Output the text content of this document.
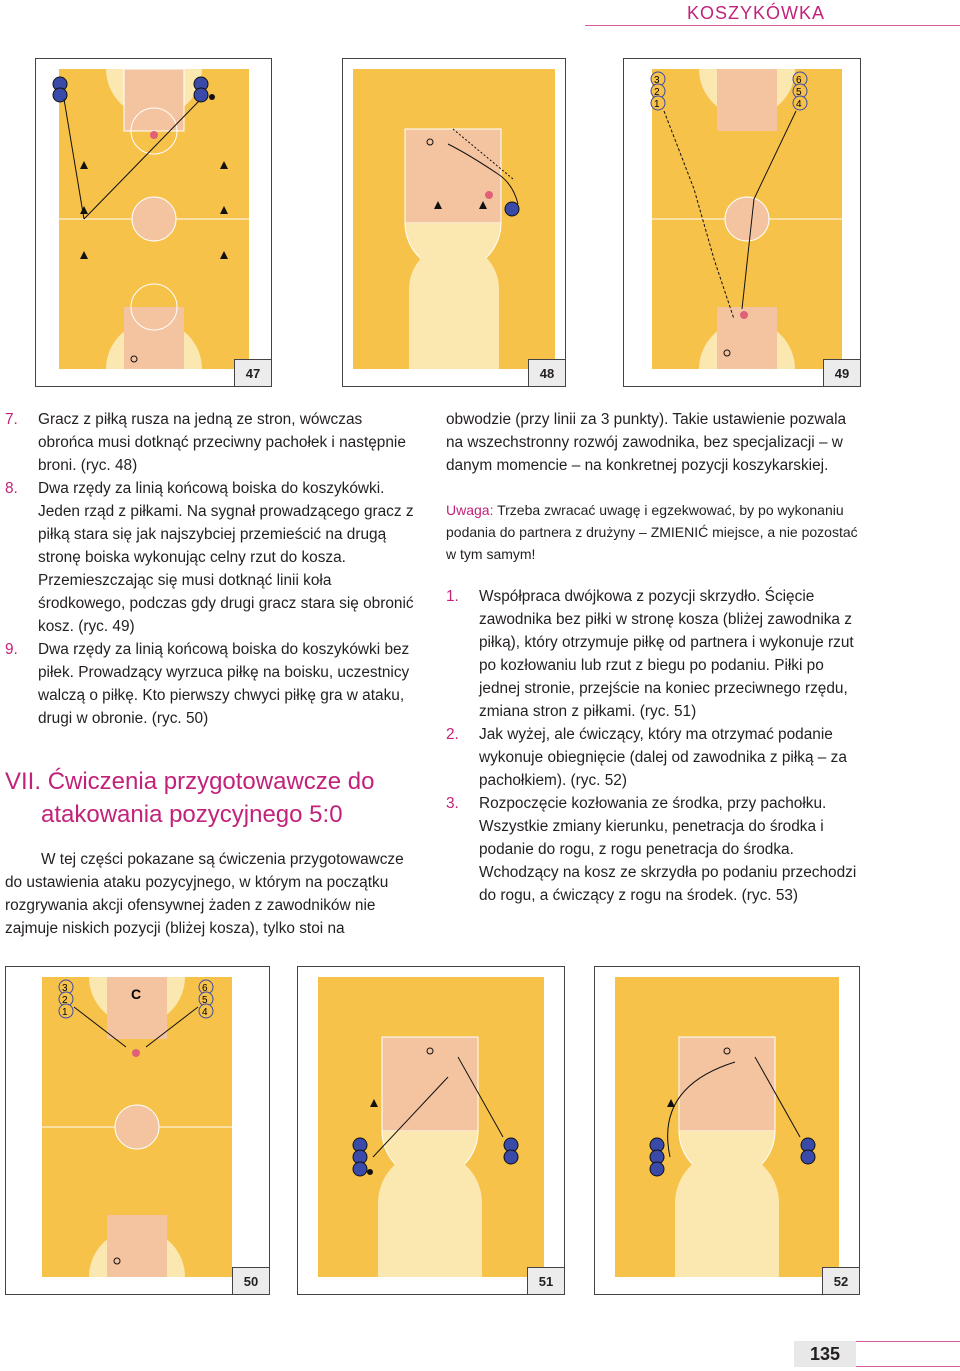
KOSZYKÓWKA
47	48
3
2
1
6
5
4
49
7. Gracz z piłką rusza na jedną ze stron, wówczas obrońca musi dotknąć przeciwny pachołek i następnie broni. (ryc. 48)
8. Dwa rzędy za linią końcową boiska do koszykówki. Jeden rząd z piłkami. Na sygnał prowadzącego gracz z piłką stara się jak najszybciej przemieścić na drugą stronę boiska wykonując celny rzut do kosza. Przemieszczając się musi dotknąć linii koła środkowego, podczas gdy drugi gracz stara się obronić kosz. (ryc. 49)
9. Dwa rzędy za linią końcową boiska do koszykówki bez piłek. Prowadzący wyrzuca piłkę na boisku, uczestnicy walczą o piłkę. Kto pierwszy chwyci piłkę gra w ataku, drugi w obronie. (ryc. 50)
VII. Ćwiczenia przygotowawcze do
atakowania pozycyjnego 5:0

W tej części pokazane są ćwiczenia przygotowawcze do ustawienia ataku pozycyjnego, w którym na początku rozgrywania akcji ofensywnej żaden z zawodników nie zajmuje niskich pozycji (bliżej kosza), tylko stoi na

obwodzie (przy linii za 3 punkty). Takie ustawienie pozwala na wszechstronny rozwój zawodnika, bez specjalizacji – w danym momencie – na konkretnej pozycji koszykarskiej.
Uwaga: Trzeba zwracać uwagę i egzekwować, by po wykonaniu podania do partnera z drużyny – ZMIENIĆ miejsce, a nie pozostać w tym samym!
1. Współpraca dwójkowa z pozycji skrzydło. Ścięcie zawodnika bez piłki w stronę kosza (bliżej zawodnika z piłką), który otrzymuje piłkę od partnera i wykonuje rzut po kozłowaniu lub rzut z biegu po podaniu. Piłki po jednej stronie, przejście na koniec przeciwnego rzędu, zmiana stron z piłkami. (ryc. 51)
2. Jak wyżej, ale ćwiczący, który ma otrzymać podanie wykonuje obiegnięcie (dalej od zawodnika z piłką – za pachołkiem). (ryc. 52)
3. Rozpoczęcie kozłowania ze środka, przy pachołku. Wszystkie zmiany kierunku, penetracja do środka i podanie do rogu, z rogu penetracja do środka. Wchodzący na kosz ze skrzydła po podaniu przechodzi do rogu, a ćwiczący z rogu na środek. (ryc. 53)
3
2
1
6
5
4
C
50	51	52
135
